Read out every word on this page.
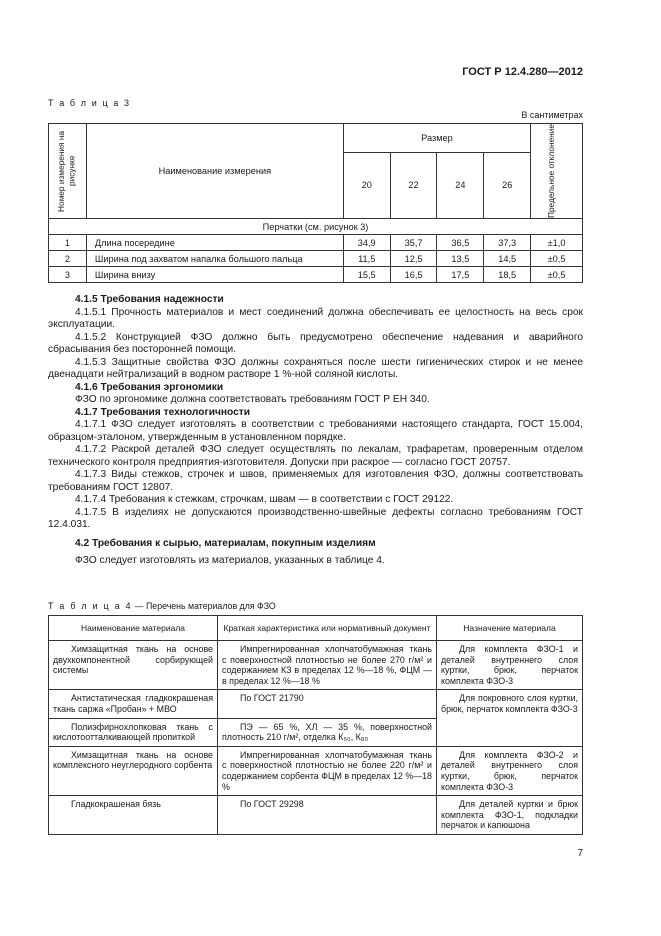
ГОСТ Р 12.4.280—2012
Т а б л и ц а 3
В сантиметрах
Номер измерения на рисунке	Наименование измерения	Размер				Предельное отклонение

		20	22	24	26	
Перчатки (см. рисунок 3)						
1	Длина посередине	34,9	35,7	36,5	37,3	±1,0
2	Ширина под захватом напалка большого пальца	11,5	12,5	13,5	14,5	±0,5
3	Ширина внизу	15,5	16,5	17,5	18,5	±0,5

4.1.5 Требования надежности

4.1.5.1 Прочность материалов и мест соединений должна обеспечивать ее целостность на весь срок эксплуатации.

4.1.5.2 Конструкцией ФЗО должно быть предусмотрено обеспечение надевания и аварийного сбрасывания без посторонней помощи.

4.1.5.3 Защитные свойства ФЗО должны сохраняться после шести гигиенических стирок и не менее двенадцати нейтрализаций в водном растворе 1 %-ной соляной кислоты.

4.1.6 Требования эргономики

ФЗО по эргономике должна соответствовать требованиям ГОСТ Р ЕН 340.

4.1.7 Требования технологичности

4.1.7.1 ФЗО следует изготовлять в соответствии с требованиями настоящего стандарта, ГОСТ 15.004, образцом-эталоном, утвержденным в установленном порядке.

4.1.7.2 Раскрой деталей ФЗО следует осуществлять по лекалам, трафаретам, проверенным отделом технического контроля предприятия-изготовителя. Допуски при раскрое — согласно ГОСТ 20757.

4.1.7.3 Виды стежков, строчек и швов, применяемых для изготовления ФЗО, должны соответствовать требованиям ГОСТ 12807.

4.1.7.4 Требования к стежкам, строчкам, швам — в соответствии с ГОСТ 29122.

4.1.7.5 В изделиях не допускаются производственно-швейные дефекты согласно требованиям ГОСТ 12.4.031.

4.2 Требования к сырью, материалам, покупным изделиям

ФЗО следует изготовлять из материалов, указанных в таблице 4.

Т а б л и ц а 4 — Перечень материалов для ФЗО
Наименование материала	Краткая характеристика или нормативный документ	Назначение материала
Химзащитная ткань на основе двухкомпонентной сорбирующей системы	Импрегнированная хлопчатобумажная ткань с поверхностной плотностью не более 270 г/м² и содержанием КЗ в пределах 12 %—18 %, ФЦМ — в пределах 12 %—18 %	Для комплекта ФЗО-1 и деталей внутреннего слоя куртки, брюк, перчаток комплекта ФЗО-3
Антистатическая гладкокрашеная ткань саржа «Пробан» + МВО	По ГОСТ 21790	Для покровного слоя куртки, брюк, перчаток комплекта ФЗО-3
Полиэфирнохлопковая ткань с кислотоотталкивающей пропиткой	ПЭ — 65 %, ХЛ — 35 %, поверхностной плотность 210 г/м², отделка К₅₀, К₈₀	
Химзащитная ткань на основе комплексного неуглеродного сорбента	Импрегнированная хлопчатобумажная ткань с поверхностной плотностью не более 220 г/м² и содержанием сорбента ФЦМ в пределах 12 %—18 %	Для комплекта ФЗО-2 и деталей внутреннего слоя куртки, брюк, перчаток комплекта ФЗО-3
Гладкокрашеная бязь	По ГОСТ 29298	Для деталей куртки и брюк комплекта ФЗО-1, подкладки перчаток и капюшона
7
